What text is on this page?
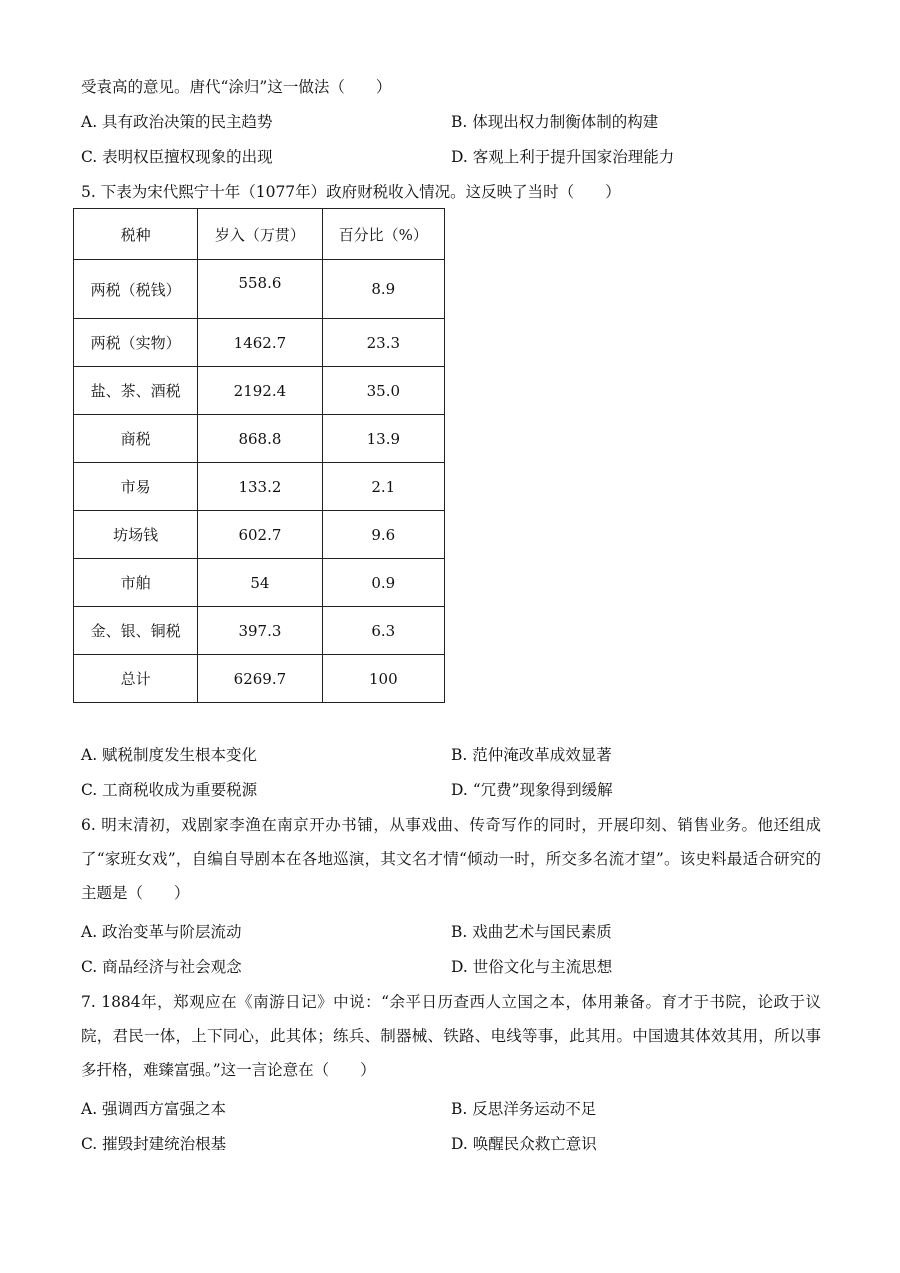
受袁高的意见。唐代“涂归”这一做法（　　）
A. 具有政治决策的民主趋势	B. 体现出权力制衡体制的构建
C. 表明权臣擅权现象的出现	D. 客观上利于提升国家治理能力
5. 下表为宋代熙宁十年（1077年）政府财税收入情况。这反映了当时（　　）
税种	岁入（万贯）	百分比（%）
两税（税钱）	558.6	8.9
两税（实物）	1462.7	23.3
盐、茶、酒税	2192.4	35.0
商税	868.8	13.9
市易	133.2	2.1
坊场钱	602.7	9.6
市舶	54	0.9
金、银、铜税	397.3	6.3
总计	6269.7	100
A. 赋税制度发生根本变化	B. 范仲淹改革成效显著
C. 工商税收成为重要税源	D. “冗费”现象得到缓解
6. 明末清初，戏剧家李渔在南京开办书铺，从事戏曲、传奇写作的同时，开展印刻、销售业务。他还组成了“家班女戏”，自编自导剧本在各地巡演，其文名才情“倾动一时，所交多名流才望”。该史料最适合研究的主题是（　　）
A. 政治变革与阶层流动	B. 戏曲艺术与国民素质
C. 商品经济与社会观念	D. 世俗文化与主流思想
7. 1884年，郑观应在《南游日记》中说：“余平日历查西人立国之本，体用兼备。育才于书院，论政于议院，君民一体，上下同心，此其体；练兵、制器械、铁路、电线等事，此其用。中国遗其体效其用，所以事多扞格，难臻富强。”这一言论意在（　　）
A. 强调西方富强之本	B. 反思洋务运动不足
C. 摧毁封建统治根基	D. 唤醒民众救亡意识
